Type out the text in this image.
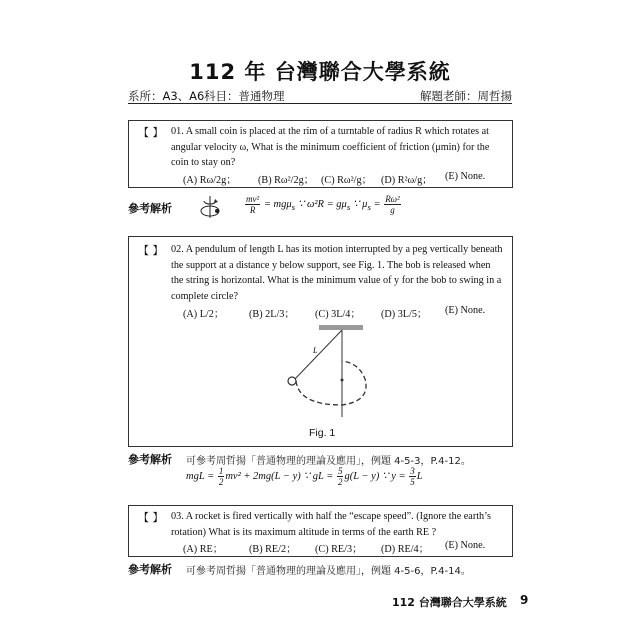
112 年 台灣聯合大學系統
系所：A3、A6 科目：普通物理	解題老師：周哲揚
【 】 01. A small coin is placed at the rim of a turntable of radius R which rotates at angular velocity ω, What is the minimum coefficient of friction (μmin) for the coin to stay on?
(A) Rω/2g； (B) Rω²/2g； (C) Rω²/g； (D) R²ω/g； (E) None.
參考解析	$\frac{\text{mv²}}{R} = mg\mu_s$ ∵ $\omega^2R = g\mu_s$ ∵ $\mu_s = \frac{\text{Rω²}}{g}$
【 】 02. A pendulum of length L has its motion interrupted by a peg vertically beneath the support at a distance y below support, see Fig. 1. The bob is released when the string is horizontal. What is the minimum value of y for the bob to swing in a complete circle?
(A) L/2； (B) 2L/3； (C) 3L/4； (D) 3L/5； (E) None.
L
Fig. 1
參考解析 可參考周哲揚「普通物理的理論及應用」，例題 4-5-3，P.4-12。
mgL = $\frac{1}{2} mv^2 + 2mg(L - y)$ ∵ gL = $\frac{5}{2} g(L - y)$ ∵ $y = \frac{3}{5}$ L
【 】 03. A rocket is fired vertically with half the “escape speed”. (Ignore the earth’s rotation) What is its maximum altitude in terms of the earth RE ?
(A) RE；	(B) RE/2； (C) RE/3； (D) RE/4； (E) None.
參考解析 可參考周哲揚「普通物理的理論及應用」，例題 4-5-6，P.4-14。
112 台灣聯合大學系統 9
